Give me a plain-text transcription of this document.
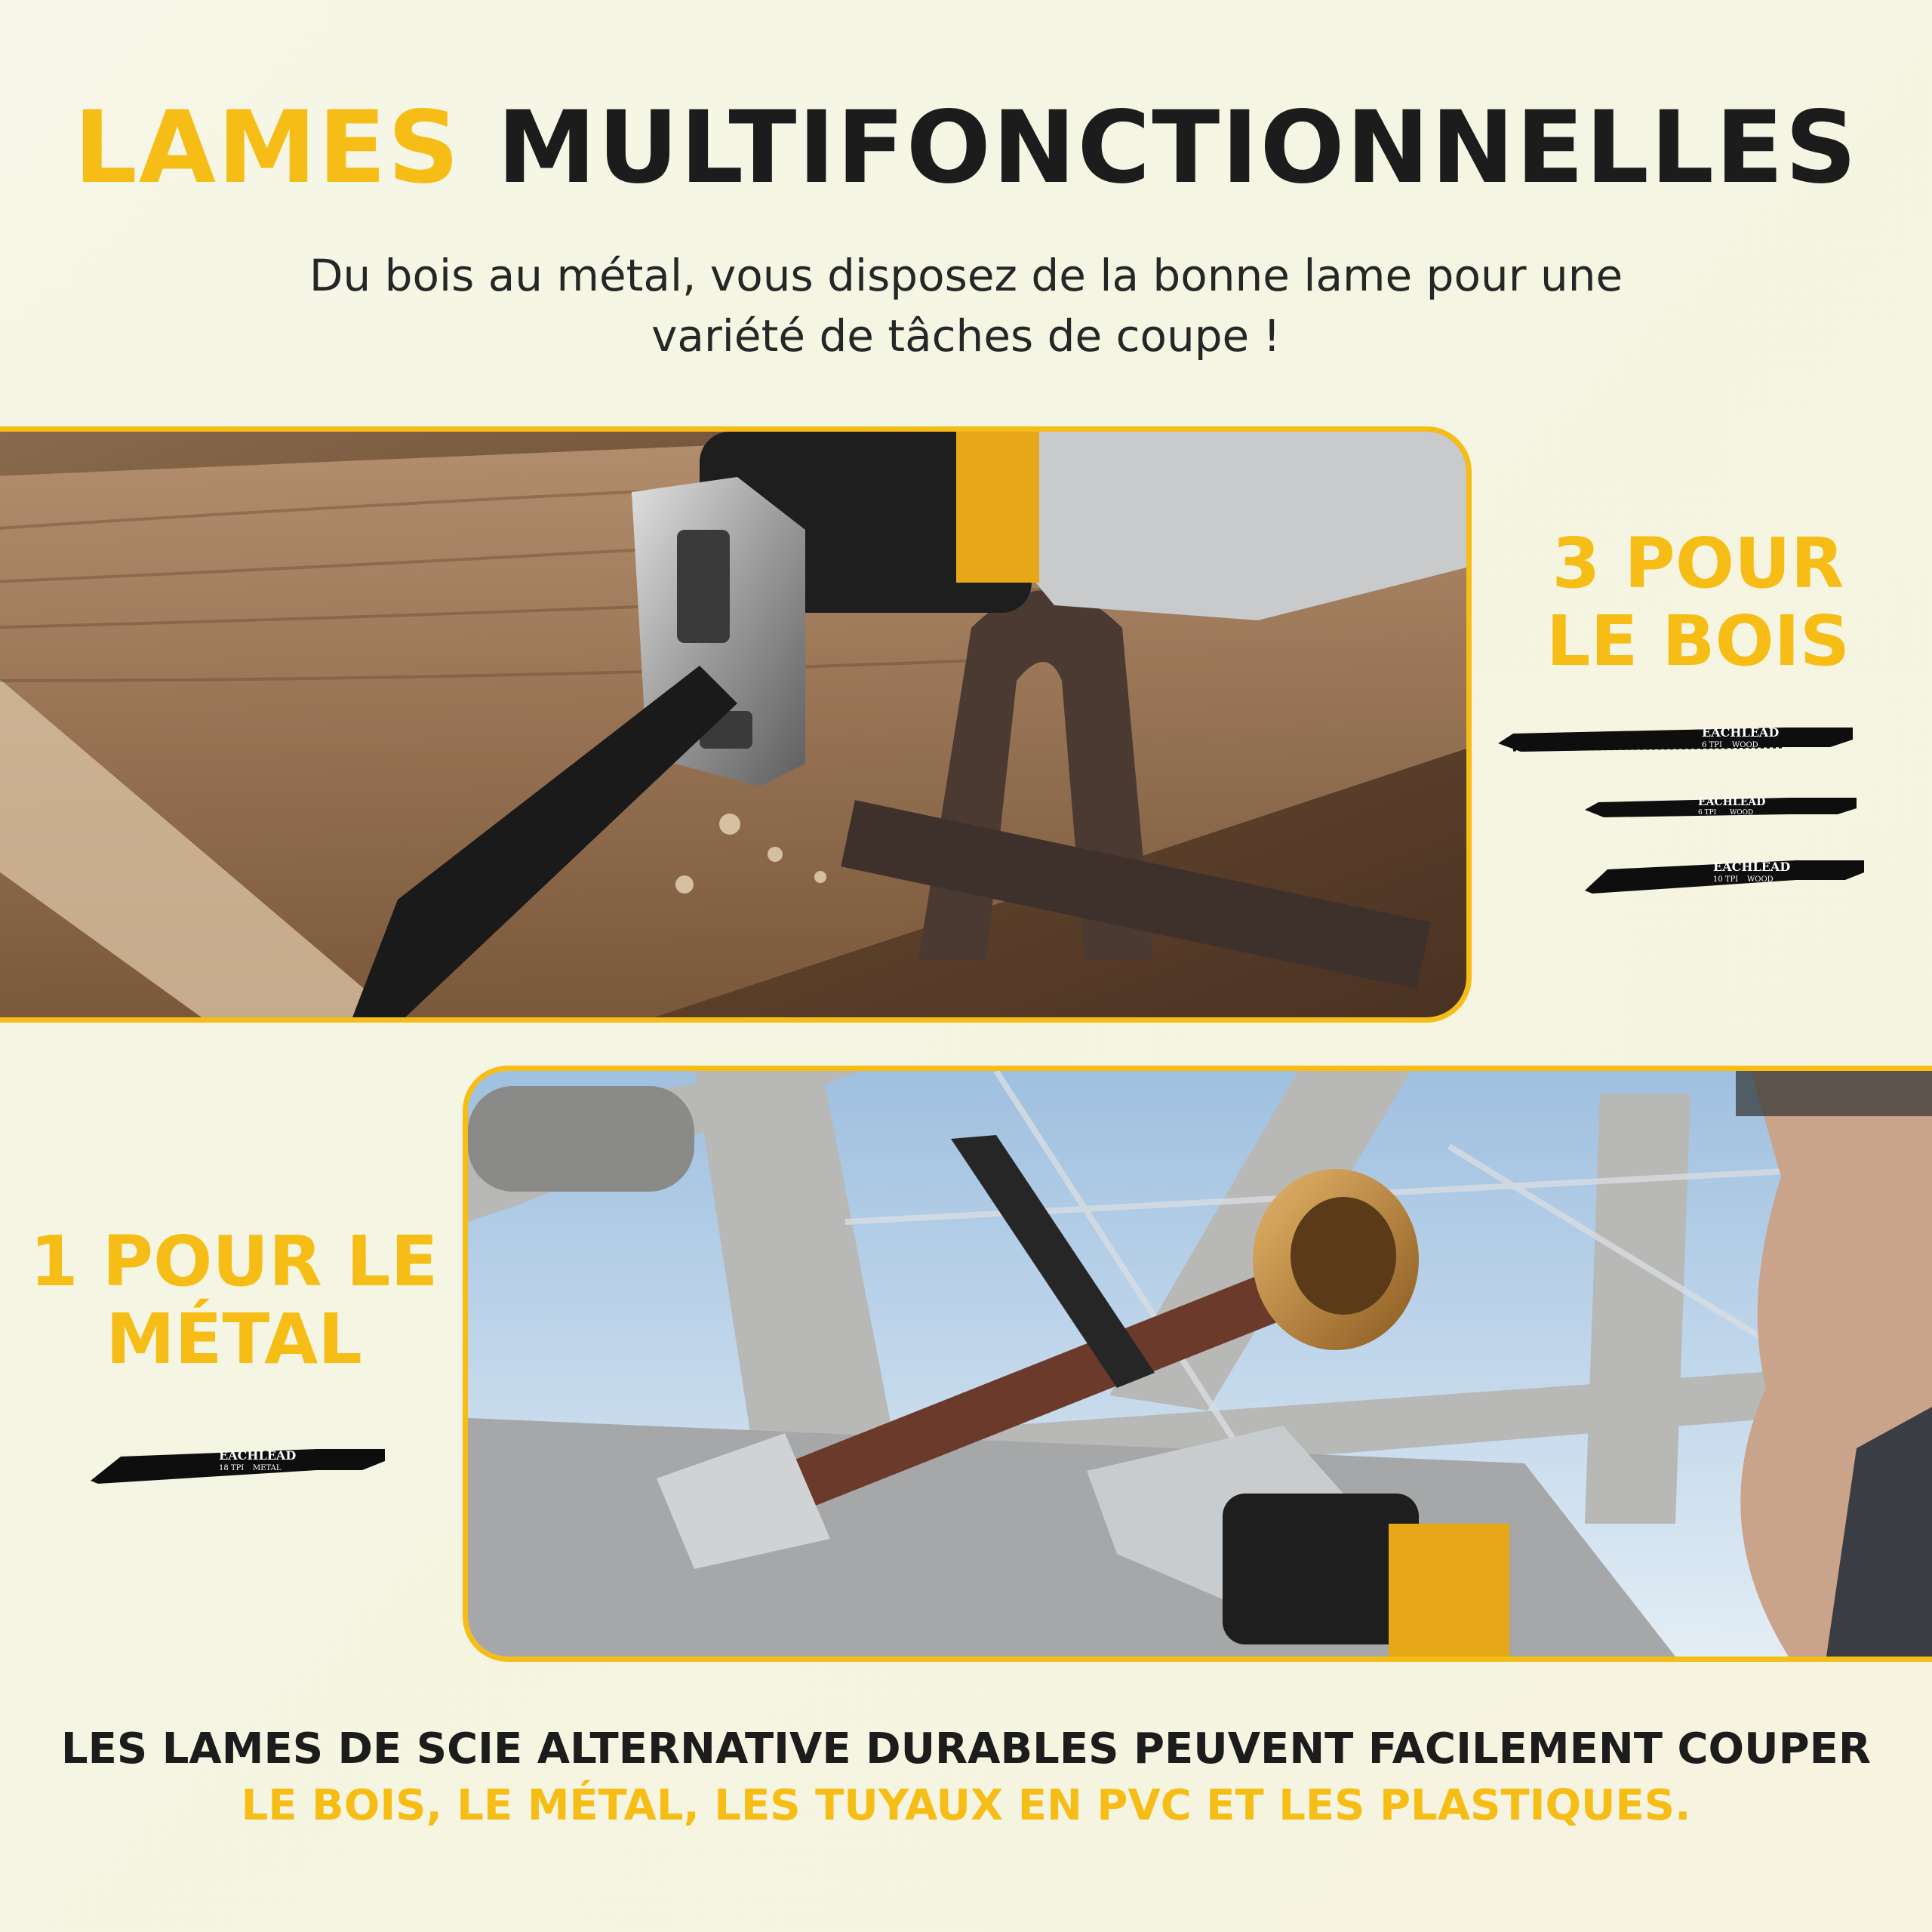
LAMES MULTIFONCTIONNELLES
Du bois au métal, vous disposez de la bonne lame pour une
variété de tâches de coupe !
3 POUR
LE BOIS
EACHLEAD
6 TPI WOOD
EACHLEAD
6 TPI WOOD
EACHLEAD
10 TPI WOOD
1 POUR LE
MÉTAL
EACHLEAD
18 TPI METAL
LES LAMES DE SCIE ALTERNATIVE DURABLES PEUVENT FACILEMENT COUPER
LE BOIS, LE MÉTAL, LES TUYAUX EN PVC ET LES PLASTIQUES.
